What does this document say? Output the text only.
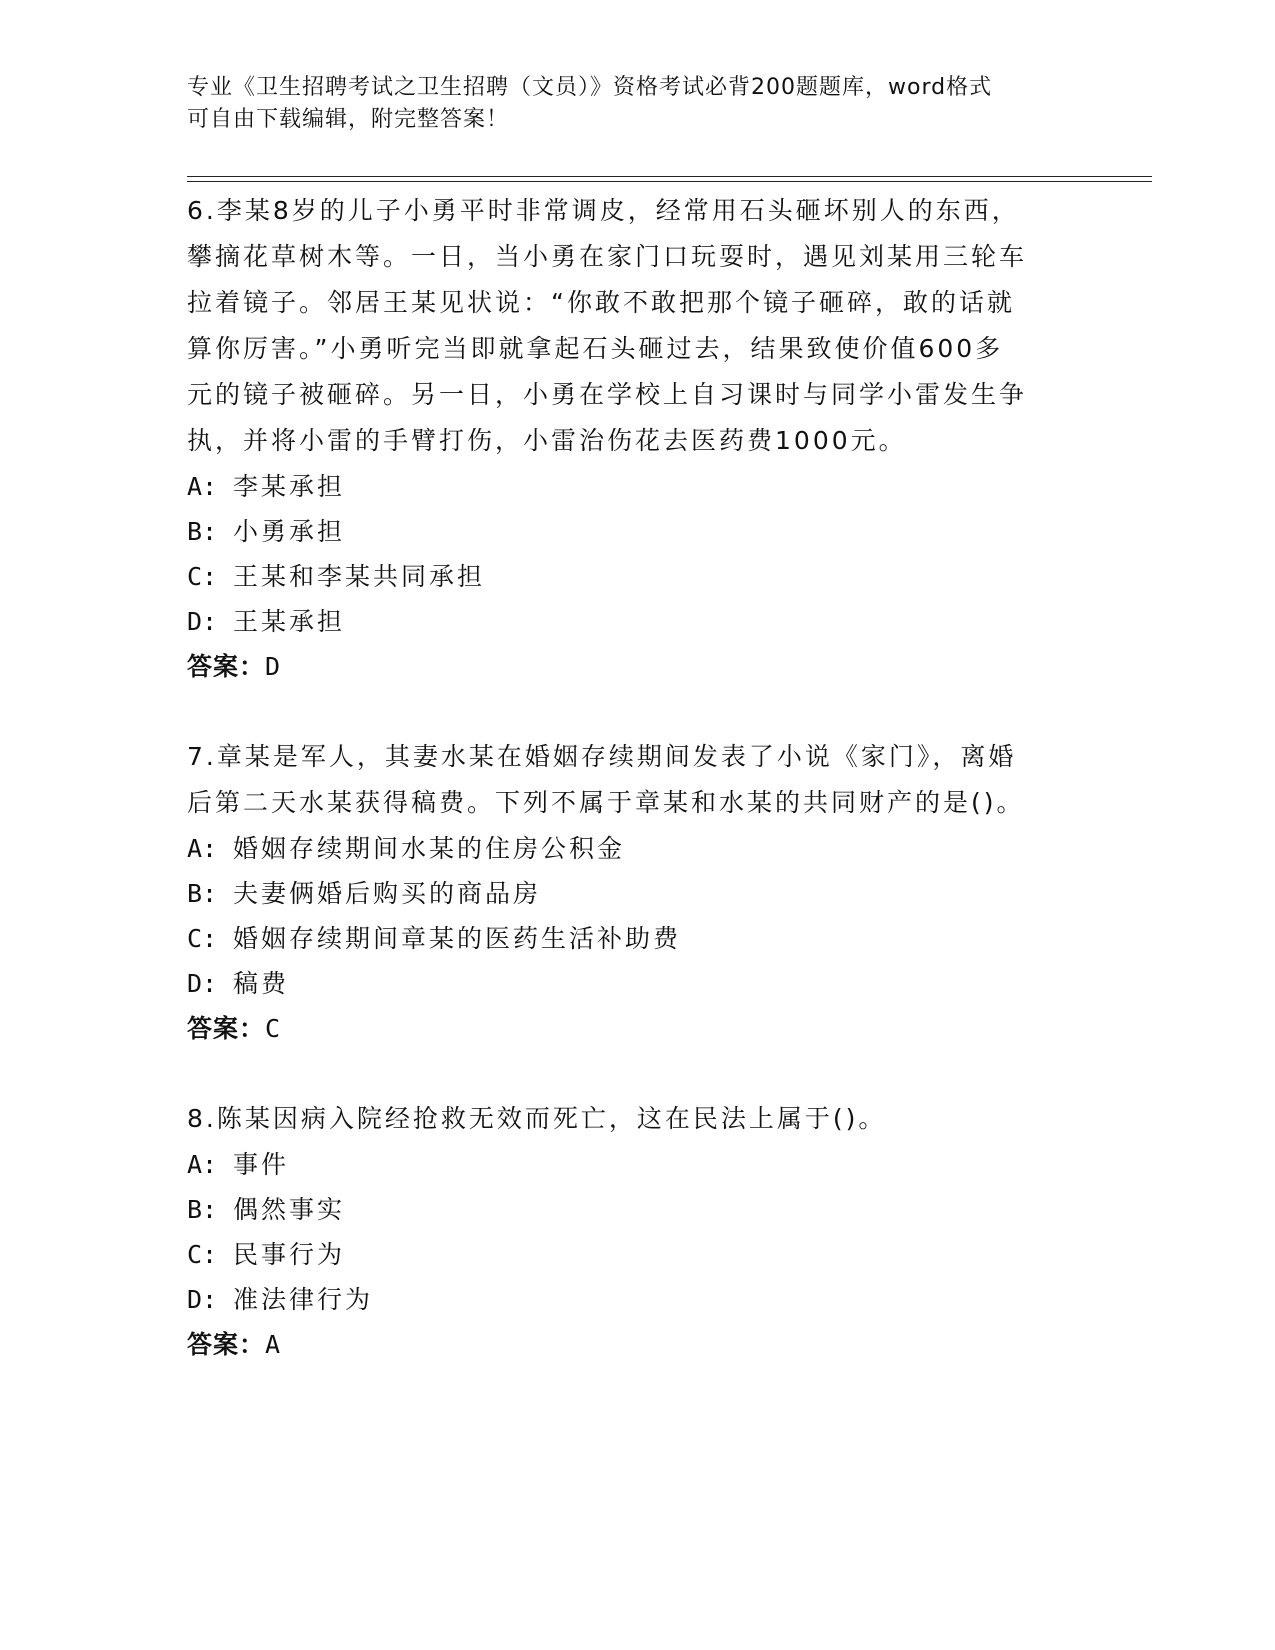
专业《卫生招聘考试之卫生招聘（文员）》资格考试必背200题题库，word格式
可自由下载编辑，附完整答案！
6.李某8岁的儿子小勇平时非常调皮，经常用石头砸坏别人的东西，
攀摘花草树木等。一日，当小勇在家门口玩耍时，遇见刘某用三轮车
拉着镜子。邻居王某见状说：“你敢不敢把那个镜子砸碎，敢的话就
算你厉害。”小勇听完当即就拿起石头砸过去，结果致使价值600多
元的镜子被砸碎。另一日，小勇在学校上自习课时与同学小雷发生争
执，并将小雷的手臂打伤，小雷治伤花去医药费1000元。
A: 李某承担
B: 小勇承担
C: 王某和李某共同承担
D: 王某承担
答案：D
7.章某是军人，其妻水某在婚姻存续期间发表了小说《家门》，离婚
后第二天水某获得稿费。下列不属于章某和水某的共同财产的是()。
A: 婚姻存续期间水某的住房公积金
B: 夫妻俩婚后购买的商品房
C: 婚姻存续期间章某的医药生活补助费
D: 稿费
答案：C
8.陈某因病入院经抢救无效而死亡，这在民法上属于()。
A: 事件
B: 偶然事实
C: 民事行为
D: 准法律行为
答案：A
